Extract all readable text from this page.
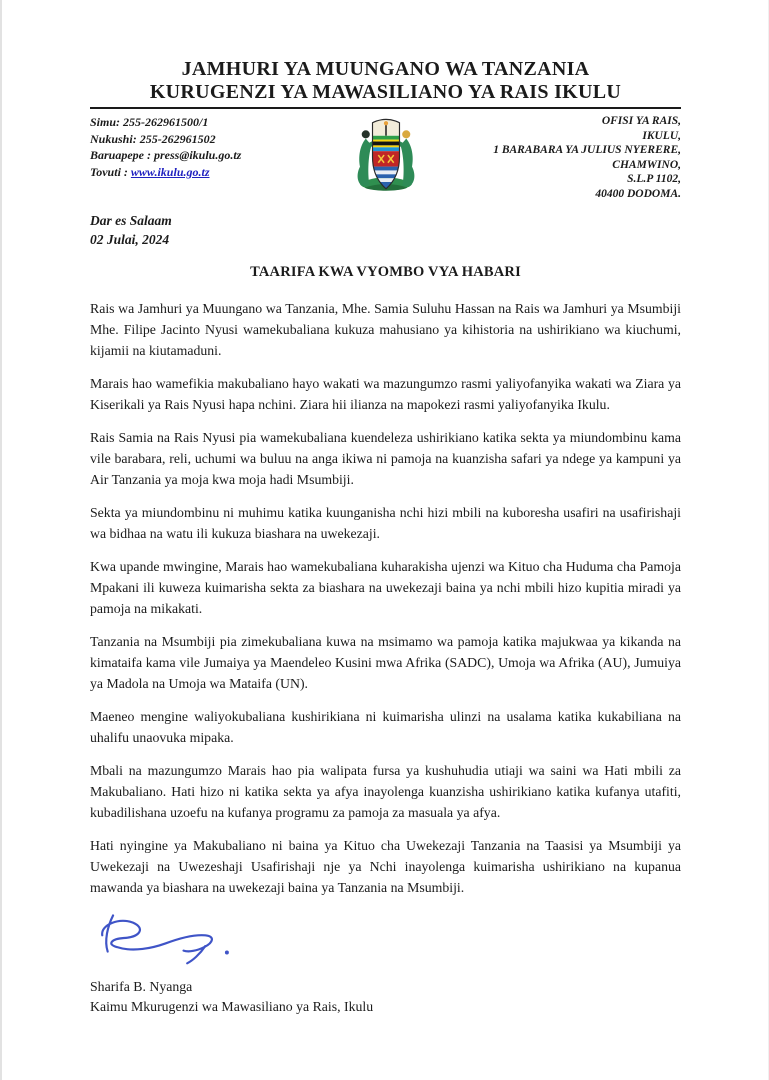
JAMHURI YA MUUNGANO WA TANZANIA
KURUGENZI YA MAWASILIANO YA RAIS IKULU
Simu: 255-262961500/1
Nukushi: 255-262961502
Baruapepe : press@ikulu.go.tz
Tovuti : www.ikulu.go.tz
OFISI YA RAIS,
IKULU,
1 BARABARA YA JULIUS NYERERE,
CHAMWINO,
S.L.P 1102,
40400 DODOMA.
Dar es Salaam
02 Julai, 2024
TAARIFA KWA VYOMBO VYA HABARI

Rais wa Jamhuri ya Muungano wa Tanzania, Mhe. Samia Suluhu Hassan na Rais wa Jamhuri ya Msumbiji Mhe. Filipe Jacinto Nyusi wamekubaliana kukuza mahusiano ya kihistoria na ushirikiano wa kiuchumi, kijamii na kiutamaduni.

Marais hao wamefikia makubaliano hayo wakati wa mazungumzo rasmi yaliyofanyika wakati wa Ziara ya Kiserikali ya Rais Nyusi hapa nchini. Ziara hii ilianza na mapokezi rasmi yaliyofanyika Ikulu.

Rais Samia na Rais Nyusi pia wamekubaliana kuendeleza ushirikiano katika sekta ya miundombinu kama vile barabara, reli, uchumi wa buluu na anga ikiwa ni pamoja na kuanzisha safari ya ndege ya kampuni ya Air Tanzania ya moja kwa moja hadi Msumbiji.

Sekta ya miundombinu ni muhimu katika kuunganisha nchi hizi mbili na kuboresha usafiri na usafirishaji wa bidhaa na watu ili kukuza biashara na uwekezaji.

Kwa upande mwingine, Marais hao wamekubaliana kuharakisha ujenzi wa Kituo cha Huduma cha Pamoja Mpakani ili kuweza kuimarisha sekta za biashara na uwekezaji baina ya nchi mbili hizo kupitia miradi ya pamoja na mikakati.

Tanzania na Msumbiji pia zimekubaliana kuwa na msimamo wa pamoja katika majukwaa ya kikanda na kimataifa kama vile Jumaiya ya Maendeleo Kusini mwa Afrika (SADC), Umoja wa Afrika (AU), Jumuiya ya Madola na Umoja wa Mataifa (UN).

Maeneo mengine waliyokubaliana kushirikiana ni kuimarisha ulinzi na usalama katika kukabiliana na uhalifu unaovuka mipaka.

Mbali na mazungumzo Marais hao pia walipata fursa ya kushuhudia utiaji wa saini wa Hati mbili za Makubaliano. Hati hizo ni katika sekta ya afya inayolenga kuanzisha ushirikiano katika kufanya utafiti, kubadilishana uzoefu na kufanya programu za pamoja za masuala ya afya.

Hati nyingine ya Makubaliano ni baina ya Kituo cha Uwekezaji Tanzania na Taasisi ya Msumbiji ya Uwekezaji na Uwezeshaji Usafirishaji nje ya Nchi inayolenga kuimarisha ushirikiano na kupanua mawanda ya biashara na uwekezaji baina ya Tanzania na Msumbiji.

Sharifa B. Nyanga
Kaimu Mkurugenzi wa Mawasiliano ya Rais, Ikulu
